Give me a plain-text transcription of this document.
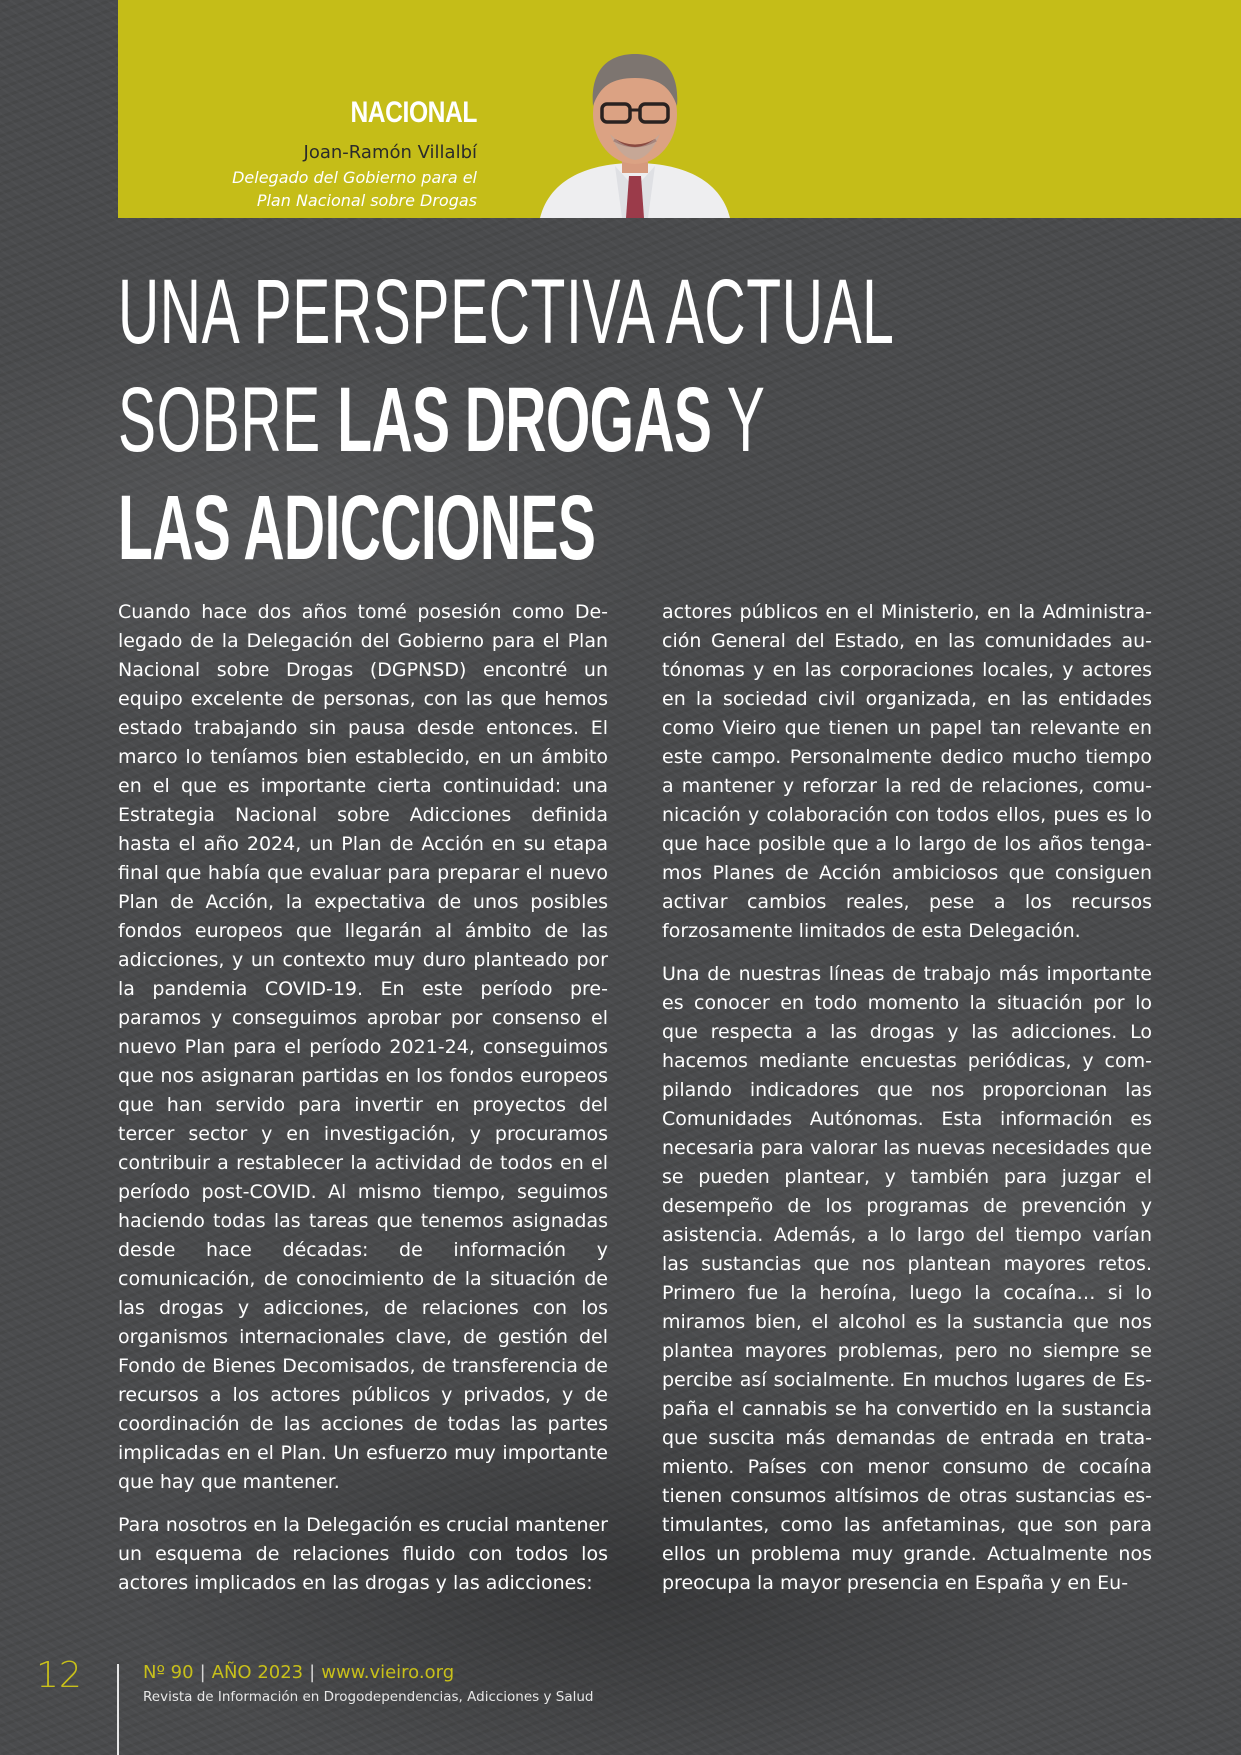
NACIONAL
Joan-Ramón Villalbí
Delegado del Gobierno para el
Plan Nacional sobre Drogas
UNA PERSPECTIVA ACTUAL
SOBRE LAS DROGAS Y
LAS ADICCIONES

Cuando hace dos años tomé posesión como Delegado de la Delegación del Gobierno para el Plan Nacional sobre Drogas (DGPNSD) encontré un equipo excelente de personas, con las que hemos estado trabajando sin pausa desde entonces. El marco lo teníamos bien establecido, en un ámbito en el que es importante cierta continuidad: una Estrategia Nacional sobre Adicciones definida hasta el año 2024, un Plan de Acción en su etapa final que había que evaluar para preparar el nuevo Plan de Acción, la expectativa de unos posibles fondos europeos que llegarán al ámbito de las adicciones, y un contexto muy duro planteado por la pandemia COVID-19. En este período preparamos y conseguimos aprobar por consenso el nuevo Plan para el período 2021-24, conseguimos que nos asignaran partidas en los fondos europeos que han servido para invertir en proyectos del tercer sector y en investigación, y procuramos contribuir a restablecer la actividad de todos en el período post-COVID. Al mismo tiempo, seguimos haciendo todas las tareas que tenemos asignadas desde hace décadas: de información y comunicación, de conocimiento de la situación de las drogas y adicciones, de relaciones con los organismos internacionales clave, de gestión del Fondo de Bienes Decomisados, de transferencia de recursos a los actores públicos y privados, y de coordinación de las acciones de todas las partes implicadas en el Plan. Un esfuerzo muy importante que hay que mantener.

Para nosotros en la Delegación es crucial mantener un esquema de relaciones fluido con todos los actores implicados en las drogas y las adicciones:

actores públicos en el Ministerio, en la Administración General del Estado, en las comunidades autónomas y en las corporaciones locales, y actores en la sociedad civil organizada, en las entidades como Vieiro que tienen un papel tan relevante en este campo. Personalmente dedico mucho tiempo a mantener y reforzar la red de relaciones, comunicación y colaboración con todos ellos, pues es lo que hace posible que a lo largo de los años tengamos Planes de Acción ambiciosos que consiguen activar cambios reales, pese a los recursos forzosamente limitados de esta Delegación.

Una de nuestras líneas de trabajo más importante es conocer en todo momento la situación por lo que respecta a las drogas y las adicciones. Lo hacemos mediante encuestas periódicas, y compilando indicadores que nos proporcionan las Comunidades Autónomas. Esta información es necesaria para valorar las nuevas necesidades que se pueden plantear, y también para juzgar el desempeño de los programas de prevención y asistencia. Además, a lo largo del tiempo varían las sustancias que nos plantean mayores retos. Primero fue la heroína, luego la cocaína… si lo miramos bien, el alcohol es la sustancia que nos plantea mayores problemas, pero no siempre se percibe así socialmente. En muchos lugares de España el cannabis se ha convertido en la sustancia que suscita más demandas de entrada en tratamiento. Países con menor consumo de cocaína tienen consumos altísimos de otras sustancias estimulantes, como las anfetaminas, que son para ellos un problema muy grande. Actualmente nos preocupa la mayor presencia en España y en Eu-

12	Nº 90 | AÑO 2023 | www.vieiro.org
Revista de Información en Drogodependencias, Adicciones y Salud
